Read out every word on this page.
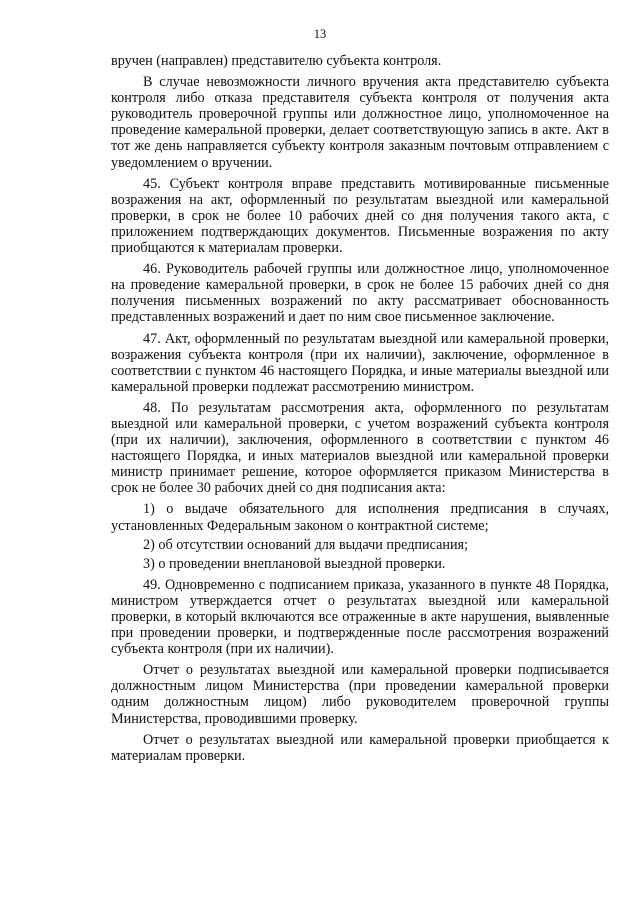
13

вручен (направлен) представителю субъекта контроля.

В случае невозможности личного вручения акта представителю субъекта контроля либо отказа представителя субъекта контроля от получения акта руководитель проверочной группы или должностное лицо, уполномоченное на проведение камеральной проверки, делает соответствующую запись в акте. Акт в тот же день направляется субъекту контроля заказным почтовым отправлением с уведомлением о вручении.

45. Субъект контроля вправе представить мотивированные письменные возражения на акт, оформленный по результатам выездной или камеральной проверки, в срок не более 10 рабочих дней со дня получения такого акта, с приложением подтверждающих документов. Письменные возражения по акту приобщаются к материалам проверки.

46. Руководитель рабочей группы или должностное лицо, уполномоченное на проведение камеральной проверки, в срок не более 15 рабочих дней со дня получения письменных возражений по акту рассматривает обоснованность представленных возражений и дает по ним свое письменное заключение.

47. Акт, оформленный по результатам выездной или камеральной проверки, возражения субъекта контроля (при их наличии), заключение, оформленное в соответствии с пунктом 46 настоящего Порядка, и иные материалы выездной или камеральной проверки подлежат рассмотрению министром.

48. По результатам рассмотрения акта, оформленного по результатам выездной или камеральной проверки, с учетом возражений субъекта контроля (при их наличии), заключения, оформленного в соответствии с пунктом 46 настоящего Порядка, и иных материалов выездной или камеральной проверки министр принимает решение, которое оформляется приказом Министерства в срок не более 30 рабочих дней со дня подписания акта:

1) о выдаче обязательного для исполнения предписания в случаях, установленных Федеральным законом о контрактной системе;

2) об отсутствии оснований для выдачи предписания;

3) о проведении внеплановой выездной проверки.

49. Одновременно с подписанием приказа, указанного в пункте 48 Порядка, министром утверждается отчет о результатах выездной или камеральной проверки, в который включаются все отраженные в акте нарушения, выявленные при проведении проверки, и подтвержденные после рассмотрения возражений субъекта контроля (при их наличии).

Отчет о результатах выездной или камеральной проверки подписывается должностным лицом Министерства (при проведении камеральной проверки одним должностным лицом) либо руководителем проверочной группы Министерства, проводившими проверку.

Отчет о результатах выездной или камеральной проверки приобщается к материалам проверки.
